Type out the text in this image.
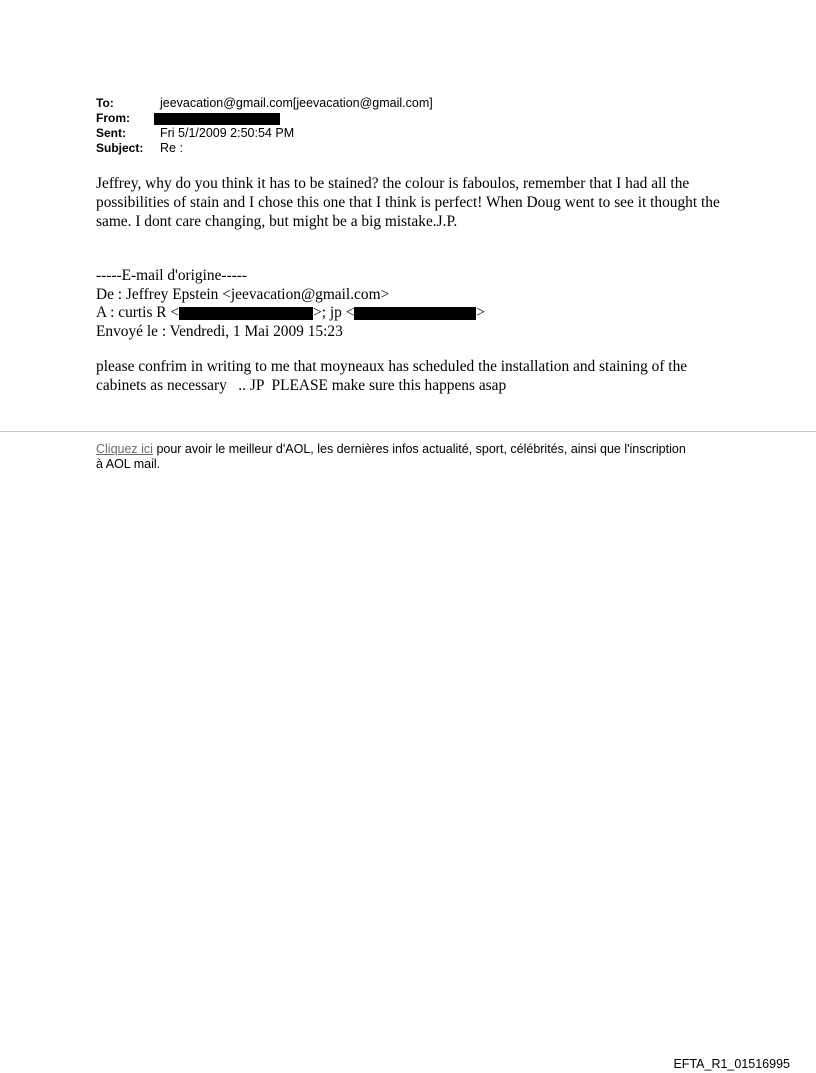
To:	jeevacation@gmail.com[jeevacation@gmail.com]
From:
Sent:	Fri 5/1/2009 2:50:54 PM
Subject:	Re :
Jeffrey, why do you think it has to be stained? the colour is faboulos, remember that I had all the possibilities of stain and I chose this one that I think is perfect! When Doug went to see it thought the same. I dont care changing, but might be a big mistake.J.P.
-----E-mail d'origine-----
De : Jeffrey Epstein <jeevacation@gmail.com>
A : curtis R <	>; jp <	>
Envoyé le : Vendredi, 1 Mai 2009 15:23
please confrim in writing to me that moyneaux has scheduled the installation and staining of the cabinets as necessary   .. JP  PLEASE make sure this happens asap
Cliquez ici pour avoir le meilleur d'AOL, les dernières infos actualité, sport, célébrités, ainsi que l'inscription à AOL mail.
EFTA_R1_01516995
